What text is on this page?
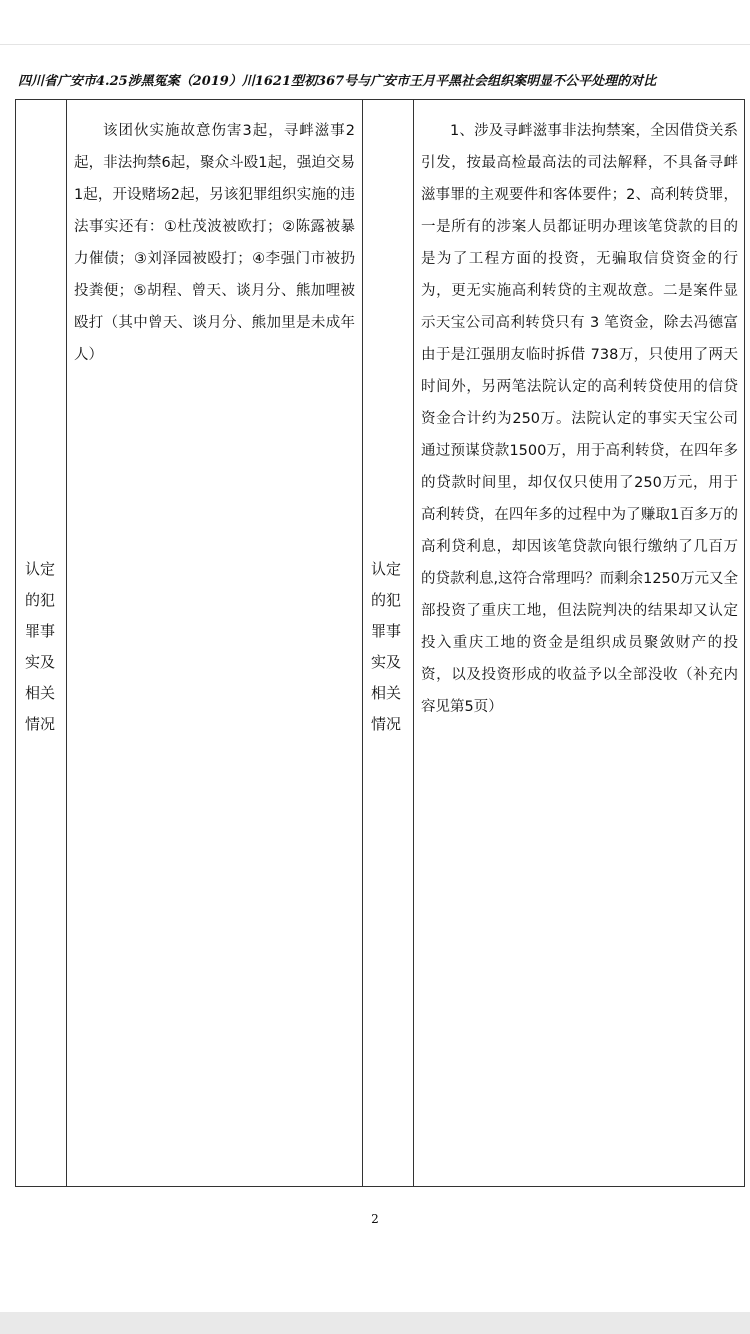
四川省广安市4.25涉黑冤案（2019）川1621型初367号与广安市王月平黑社会组织案明显不公平处理的对比
认定
的犯
罪事
实及
相关
情况

该团伙实施故意伤害3起，寻衅滋事2起，非法拘禁6起，聚众斗殴1起，强迫交易1起，开设赌场2起，另该犯罪组织实施的违法事实还有：①杜茂波被欧打；②陈露被暴力催债；③刘泽园被殴打；④李强门市被扔投粪便；⑤胡程、曾天、谈月分、熊加哩被殴打（其中曾天、谈月分、熊加里是未成年人）

认定
的犯
罪事
实及
相关
情况

1、涉及寻衅滋事非法拘禁案，全因借贷关系引发，按最高检最高法的司法解释，不具备寻衅滋事罪的主观要件和客体要件；2、高利转贷罪，一是所有的涉案人员都证明办理该笔贷款的目的是为了工程方面的投资，无骗取信贷资金的行为，更无实施高利转贷的主观故意。二是案件显示天宝公司高利转贷只有 3 笔资金，除去冯德富由于是江强朋友临时拆借 738万，只使用了两天时间外，另两笔法院认定的高利转贷使用的信贷资金合计约为250万。法院认定的事实天宝公司通过预谋贷款1500万，用于高利转贷，在四年多的贷款时间里，却仅仅只使用了250万元，用于高利转贷，在四年多的过程中为了赚取1百多万的高利贷利息，却因该笔贷款向银行缴纳了几百万的贷款利息,这符合常理吗？而剩余1250万元又全部投资了重庆工地，但法院判决的结果却又认定投入重庆工地的资金是组织成员聚敛财产的投资，以及投资形成的收益予以全部没收（补充内容见第5页）

2
